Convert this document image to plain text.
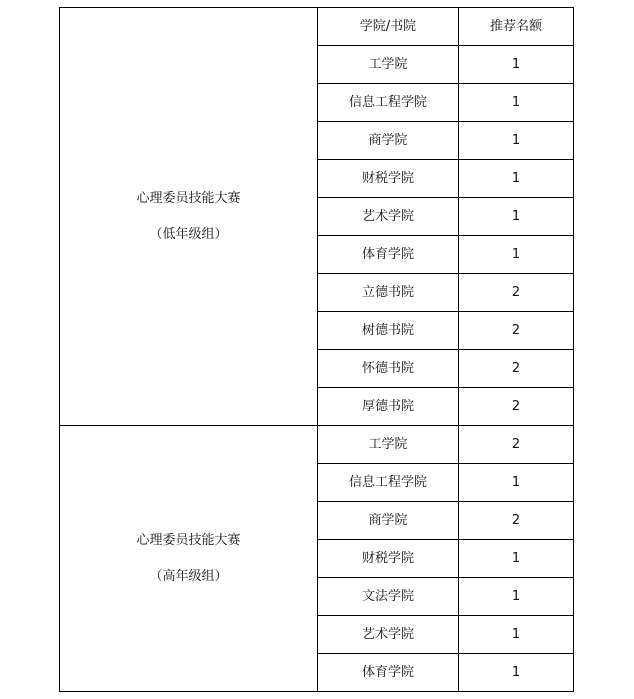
心理委员技能大赛
（低年级组）	学院/书院	推荐名额
	工学院	1
	信息工程学院	1
	商学院	1
	财税学院	1
	艺术学院	1
	体育学院	1
	立德书院	2
	树德书院	2
	怀德书院	2
	厚德书院	2

心理委员技能大赛
（高年级组）	工学院	2
	信息工程学院	1
	商学院	2
	财税学院	1
	文法学院	1
	艺术学院	1
	体育学院	1
